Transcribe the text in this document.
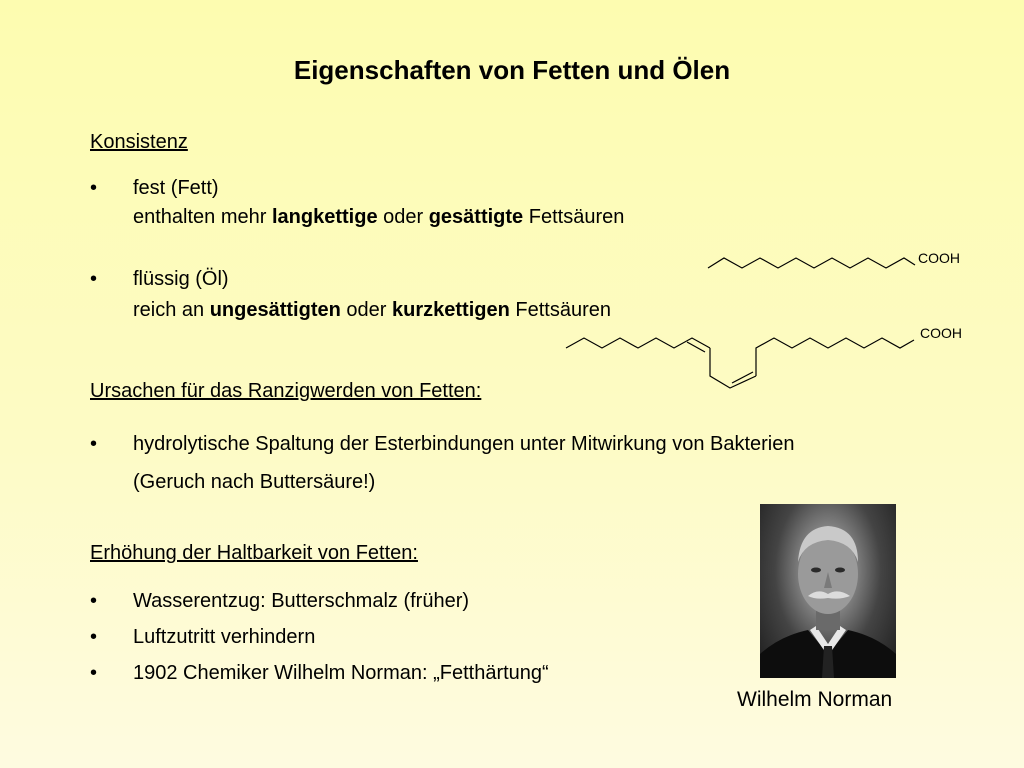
Eigenschaften von Fetten und Ölen
Konsistenz
• fest (Fett)
enthalten mehr langkettige oder gesättigte Fettsäuren
• flüssig (Öl)
reich an ungesättigten oder kurzkettigen Fettsäuren
COOH
COOH
Ursachen für das Ranzigwerden von Fetten:
• hydrolytische Spaltung der Esterbindungen unter Mitwirkung von Bakterien
(Geruch nach Buttersäure!)
Erhöhung der Haltbarkeit von Fetten:
• Wasserentzug: Butterschmalz (früher)
• Luftzutritt verhindern
• 1902 Chemiker Wilhelm Norman: „Fetthärtung“
Wilhelm Norman
